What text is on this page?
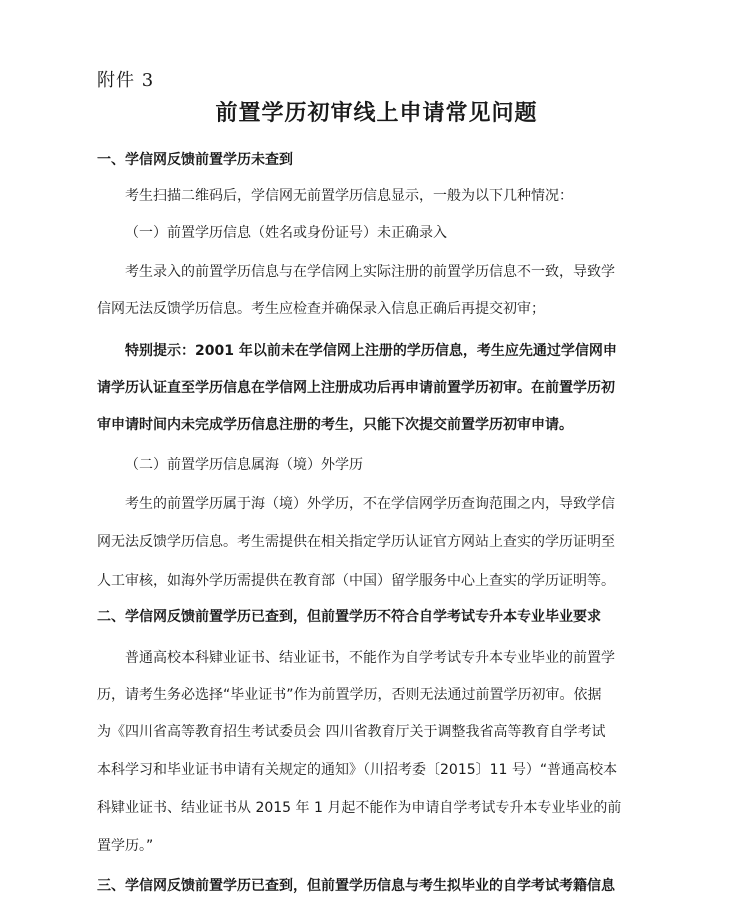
附件 3
前置学历初审线上申请常见问题
一、学信网反馈前置学历未查到
考生扫描二维码后，学信网无前置学历信息显示，一般为以下几种情况：
（一）前置学历信息（姓名或身份证号）未正确录入
考生录入的前置学历信息与在学信网上实际注册的前置学历信息不一致，导致学
信网无法反馈学历信息。考生应检查并确保录入信息正确后再提交初审；
特别提示：2001 年以前未在学信网上注册的学历信息，考生应先通过学信网申
请学历认证直至学历信息在学信网上注册成功后再申请前置学历初审。在前置学历初
审申请时间内未完成学历信息注册的考生，只能下次提交前置学历初审申请。
（二）前置学历信息属海（境）外学历
考生的前置学历属于海（境）外学历，不在学信网学历查询范围之内，导致学信
网无法反馈学历信息。考生需提供在相关指定学历认证官方网站上查实的学历证明至
人工审核，如海外学历需提供在教育部（中国）留学服务中心上查实的学历证明等。
二、学信网反馈前置学历已查到，但前置学历不符合自学考试专升本专业毕业要求
普通高校本科肄业证书、结业证书，不能作为自学考试专升本专业毕业的前置学
历，请考生务必选择“毕业证书”作为前置学历，否则无法通过前置学历初审。依据
为《四川省高等教育招生考试委员会 四川省教育厅关于调整我省高等教育自学考试
本科学习和毕业证书申请有关规定的通知》（川招考委〔2015〕11 号）“普通高校本
科肄业证书、结业证书从 2015 年 1 月起不能作为申请自学考试专升本专业毕业的前
置学历。”
三、学信网反馈前置学历已查到，但前置学历信息与考生拟毕业的自学考试考籍信息
